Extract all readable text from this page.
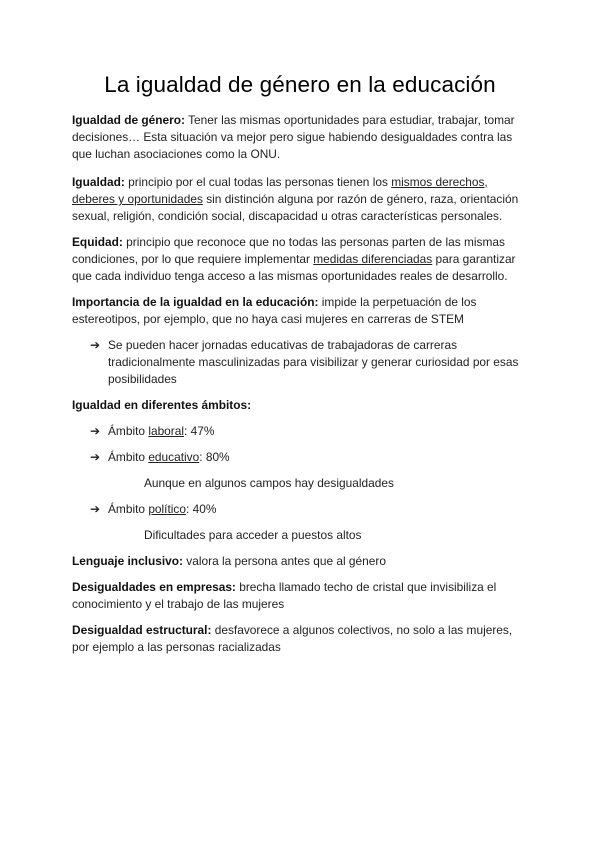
La igualdad de género en la educación

Igualdad de género: Tener las mismas oportunidades para estudiar, trabajar, tomar decisiones… Esta situación va mejor pero sigue habiendo desigualdades contra las que luchan asociaciones como la ONU.

Igualdad: principio por el cual todas las personas tienen los mismos derechos, deberes y oportunidades sin distinción alguna por razón de género, raza, orientación sexual, religión, condición social, discapacidad u otras características personales.

Equidad: principio que reconoce que no todas las personas parten de las mismas condiciones, por lo que requiere implementar medidas diferenciadas para garantizar que cada individuo tenga acceso a las mismas oportunidades reales de desarrollo.

Importancia de la igualdad en la educación: impide la perpetuación de los estereotipos, por ejemplo, que no haya casi mujeres en carreras de STEM

➔ Se pueden hacer jornadas educativas de trabajadoras de carreras tradicionalmente masculinizadas para visibilizar y generar curiosidad por esas posibilidades

Igualdad en diferentes ámbitos:

➔ Ámbito laboral: 47%
➔ Ámbito educativo: 80%
Aunque en algunos campos hay desigualdades
➔ Ámbito político: 40%
Dificultades para acceder a puestos altos

Lenguaje inclusivo: valora la persona antes que al género

Desigualdades en empresas: brecha llamado techo de cristal que invisibiliza el conocimiento y el trabajo de las mujeres

Desigualdad estructural: desfavorece a algunos colectivos, no solo a las mujeres, por ejemplo a las personas racializadas
